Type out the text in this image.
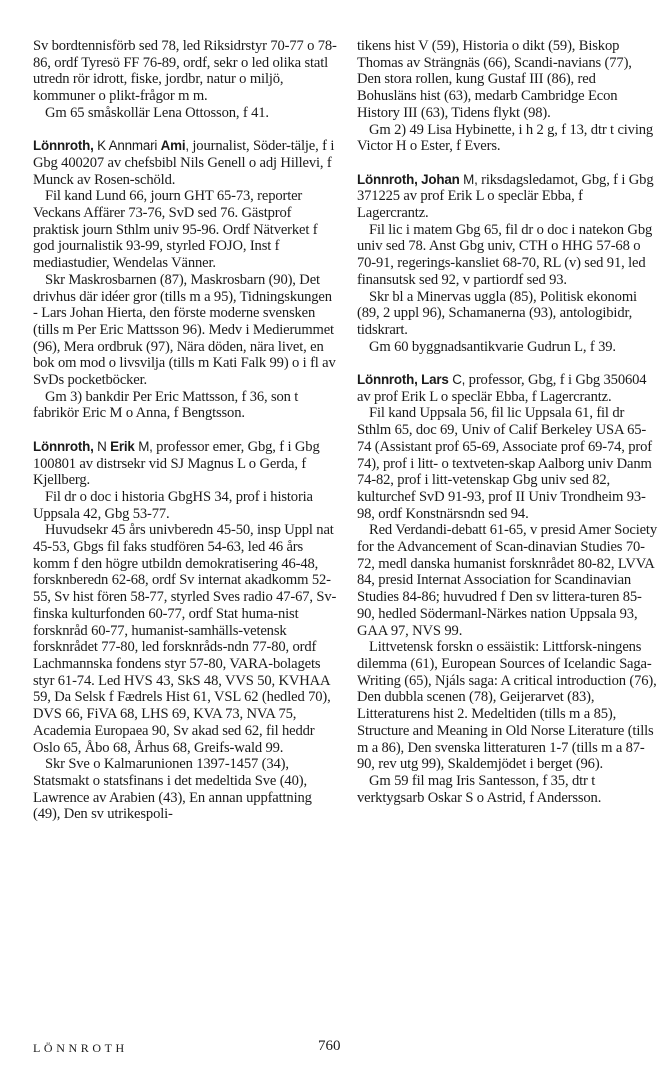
Sv bordtennisförb sed 78, led Riksidrstyr 70-77 o 78-86, ordf Tyresö FF 76-89, ordf, sekr o led olika statl utredn rör idrott, fiske, jordbr, natur o miljö, kommuner o plikt-frågor m m.

Gm 65 småskollär Lena Ottosson, f 41.

Lönnroth, K Annmari Ami, journalist, Söder-tälje, f i Gbg 400207 av chefsbibl Nils Genell o adj Hillevi, f Munck av Rosen-schöld.

Fil kand Lund 66, journ GHT 65-73, reporter Veckans Affärer 73-76, SvD sed 76. Gästprof praktisk journ Sthlm univ 95-96. Ordf Nätverket f god journalistik 93-99, styrled FOJO, Inst f mediastudier, Wendelas Vänner.

Skr Maskrosbarnen (87), Maskrosbarn (90), Det drivhus där idéer gror (tills m a 95), Tidningskungen - Lars Johan Hierta, den förste moderne svensken (tills m Per Eric Mattsson 96). Medv i Medierummet (96), Mera ordbruk (97), Nära döden, nära livet, en bok om mod o livsvilja (tills m Kati Falk 99) o i fl av SvDs pocketböcker.

Gm 3) bankdir Per Eric Mattsson, f 36, son t fabrikör Eric M o Anna, f Bengtsson.

Lönnroth, N Erik M, professor emer, Gbg, f i Gbg 100801 av distrsekr vid SJ Magnus L o Gerda, f Kjellberg.

Fil dr o doc i historia GbgHS 34, prof i historia Uppsala 42, Gbg 53-77.

Huvudsekr 45 års univberedn 45-50, insp Uppl nat 45-53, Gbgs fil faks studfören 54-63, led 46 års komm f den högre utbildn demokratisering 46-48, forsknberedn 62-68, ordf Sv internat akadkomm 52-55, Sv hist fören 58-77, styrled Sves radio 47-67, Sv-finska kulturfonden 60-77, ordf Stat huma-nist forsknråd 60-77, humanist-samhälls-vetensk forsknrådet 77-80, led forsknråds-ndn 77-80, ordf Lachmannska fondens styr 57-80, VARA-bolagets styr 61-74. Led HVS 43, SkS 48, VVS 50, KVHAA 59, Da Selsk f Fædrels Hist 61, VSL 62 (hedled 70), DVS 66, FiVA 68, LHS 69, KVA 73, NVA 75, Academia Europaea 90, Sv akad sed 62, fil heddr Oslo 65, Åbo 68, Århus 68, Greifs-wald 99.

Skr Sve o Kalmarunionen 1397-1457 (34), Statsmakt o statsfinans i det medeltida Sve (40), Lawrence av Arabien (43), En annan uppfattning (49), Den sv utrikespoli-

tikens hist V (59), Historia o dikt (59), Biskop Thomas av Strängnäs (66), Scandi-navians (77), Den stora rollen, kung Gustaf III (86), red Bohusläns hist (63), medarb Cambridge Econ History III (63), Tidens flykt (98).

Gm 2) 49 Lisa Hybinette, i h 2 g, f 13, dtr t civing Victor H o Ester, f Evers.

Lönnroth, Johan M, riksdagsledamot, Gbg, f i Gbg 371225 av prof Erik L o speclär Ebba, f Lagercrantz.

Fil lic i matem Gbg 65, fil dr o doc i natekon Gbg univ sed 78. Anst Gbg univ, CTH o HHG 57-68 o 70-91, regerings-kansliet 68-70, RL (v) sed 91, led finansutsk sed 92, v partiordf sed 93.

Skr bl a Minervas uggla (85), Politisk ekonomi (89, 2 uppl 96), Schamanerna (93), antologibidr, tidskrart.

Gm 60 byggnadsantikvarie Gudrun L, f 39.

Lönnroth, Lars C, professor, Gbg, f i Gbg 350604 av prof Erik L o speclär Ebba, f Lagercrantz.

Fil kand Uppsala 56, fil lic Uppsala 61, fil dr Sthlm 65, doc 69, Univ of Calif Berkeley USA 65-74 (Assistant prof 65-69, Associate prof 69-74, prof 74), prof i litt- o textveten-skap Aalborg univ Danm 74-82, prof i litt-vetenskap Gbg univ sed 82, kulturchef SvD 91-93, prof II Univ Trondheim 93-98, ordf Konstnärsndn sed 94.

Red Verdandi-debatt 61-65, v presid Amer Society for the Advancement of Scan-dinavian Studies 70-72, medl danska humanist forsknrådet 80-82, LVVA 84, presid Internat Association for Scandinavian Studies 84-86; huvudred f Den sv littera-turen 85-90, hedled Södermanl-Närkes nation Uppsala 93, GAA 97, NVS 99.

Littvetensk forskn o essäistik: Littforsk-ningens dilemma (61), European Sources of Icelandic Saga-Writing (65), Njáls saga: A critical introduction (76), Den dubbla scenen (78), Geijerarvet (83), Litteraturens hist 2. Medeltiden (tills m a 85), Structure and Meaning in Old Norse Literature (tills m a 86), Den svenska litteraturen 1-7 (tills m a 87-90, rev utg 99), Skaldemjödet i berget (96).

Gm 59 fil mag Iris Santesson, f 35, dtr t verktygsarb Oskar S o Astrid, f Andersson.

LÖNNROTH	760
